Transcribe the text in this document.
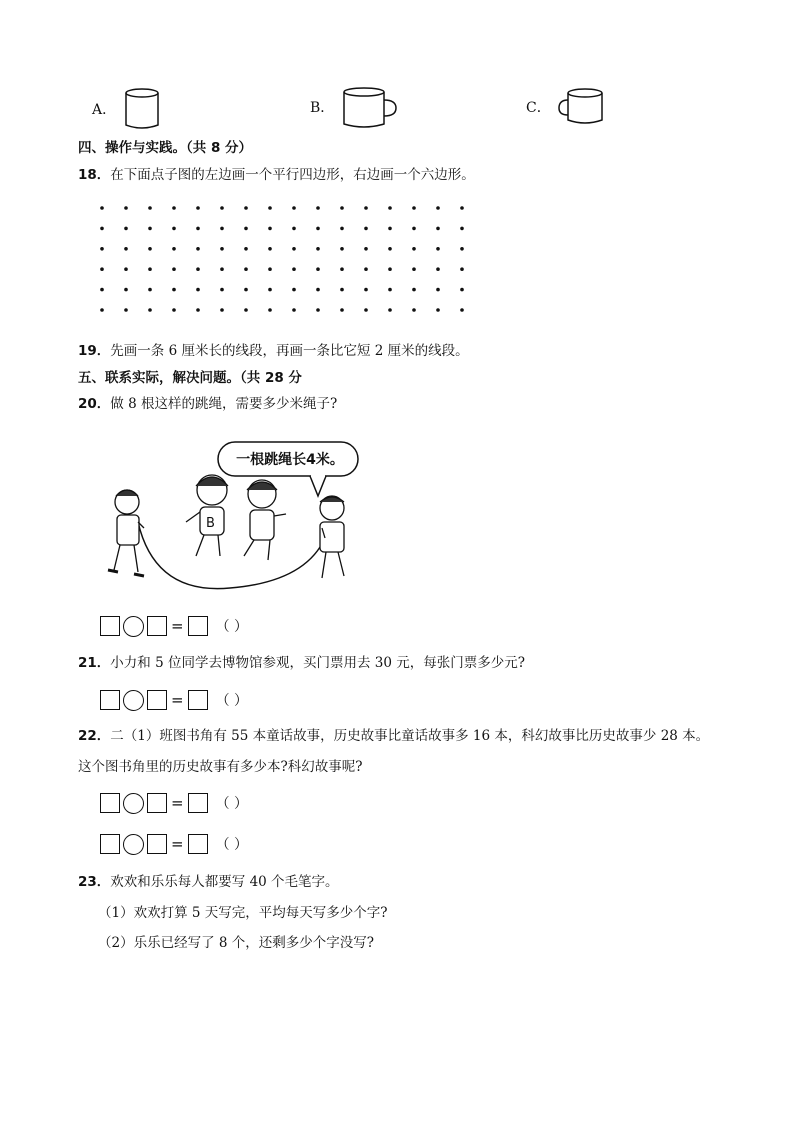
A．	B．	C．
四、操作与实践。（共 8 分）
18．在下面点子图的左边画一个平行四边形，右边画一个六边形。
19．先画一条 6 厘米长的线段，再画一条比它短 2 厘米的线段。
五、联系实际，解决问题。（共 28 分
20．做 8 根这样的跳绳，需要多少米绳子?
B
一根跳绳长4米。
= （ ）
21．小力和 5 位同学去博物馆参观，买门票用去 30 元，每张门票多少元?
= （ ）
22．二（1）班图书角有 55 本童话故事，历史故事比童话故事多 16 本，科幻故事比历史故事少 28 本。
这个图书角里的历史故事有多少本?科幻故事呢?
= （ ）
= （ ）
23．欢欢和乐乐每人都要写 40 个毛笔字。
（1）欢欢打算 5 天写完，平均每天写多少个字?
（2）乐乐已经写了 8 个，还剩多少个字没写?
